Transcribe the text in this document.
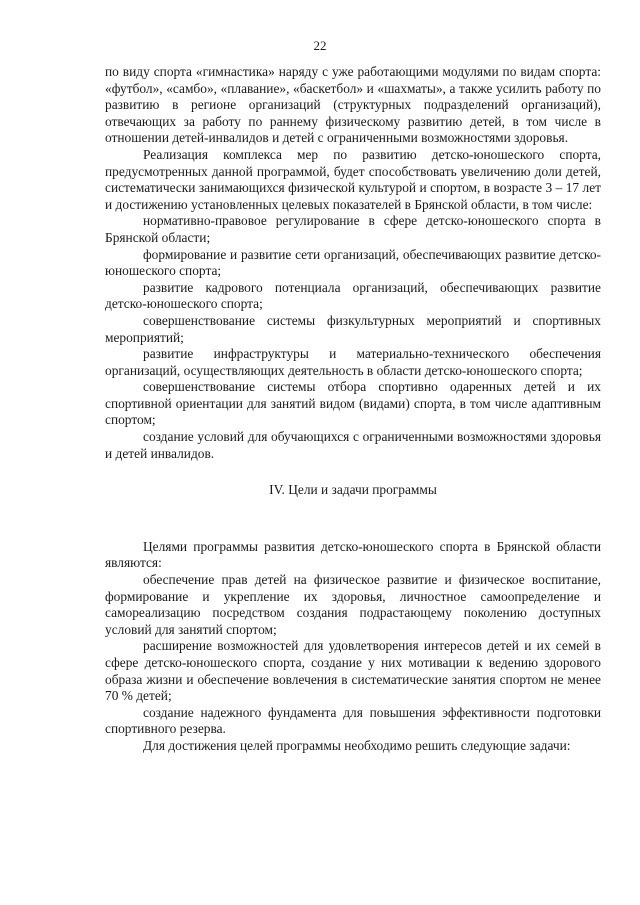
22

по виду спорта «гимнастика» наряду с уже работающими модулями по видам спорта: «футбол», «самбо», «плавание», «баскетбол» и «шахматы», а также усилить работу по развитию в регионе организаций (структурных подразделений организаций), отвечающих за работу по раннему физическому развитию детей, в том числе в отношении детей-инвалидов и детей с ограниченными возможностями здоровья.

Реализация комплекса мер по развитию детско-юношеского спорта, предусмотренных данной программой, будет способствовать увеличению доли детей, систематически занимающихся физической культурой и спортом, в возрасте 3 – 17 лет и достижению установленных целевых показателей в Брянской области, в том числе:

нормативно-правовое регулирование в сфере детско-юношеского спорта в Брянской области;

формирование и развитие сети организаций, обеспечивающих развитие детско-юношеского спорта;

развитие кадрового потенциала организаций, обеспечивающих развитие детско-юношеского спорта;

совершенствование системы физкультурных мероприятий и спортивных мероприятий;

развитие инфраструктуры и материально-технического обеспечения организаций, осуществляющих деятельность в области детско-юношеского спорта;

совершенствование системы отбора спортивно одаренных детей и их спортивной ориентации для занятий видом (видами) спорта, в том числе адаптивным спортом;

создание условий для обучающихся с ограниченными возможностями здоровья и детей инвалидов.

IV. Цели и задачи программы

Целями программы развития детско-юношеского спорта в Брянской области являются:

обеспечение прав детей на физическое развитие и физическое воспитание, формирование и укрепление их здоровья, личностное самоопределение и самореализацию посредством создания подрастающему поколению доступных условий для занятий спортом;

расширение возможностей для удовлетворения интересов детей и их семей в сфере детско-юношеского спорта, создание у них мотивации к ведению здорового образа жизни и обеспечение вовлечения в систематические занятия спортом не менее 70 % детей;

создание надежного фундамента для повышения эффективности подготовки спортивного резерва.

Для достижения целей программы необходимо решить следующие задачи:
